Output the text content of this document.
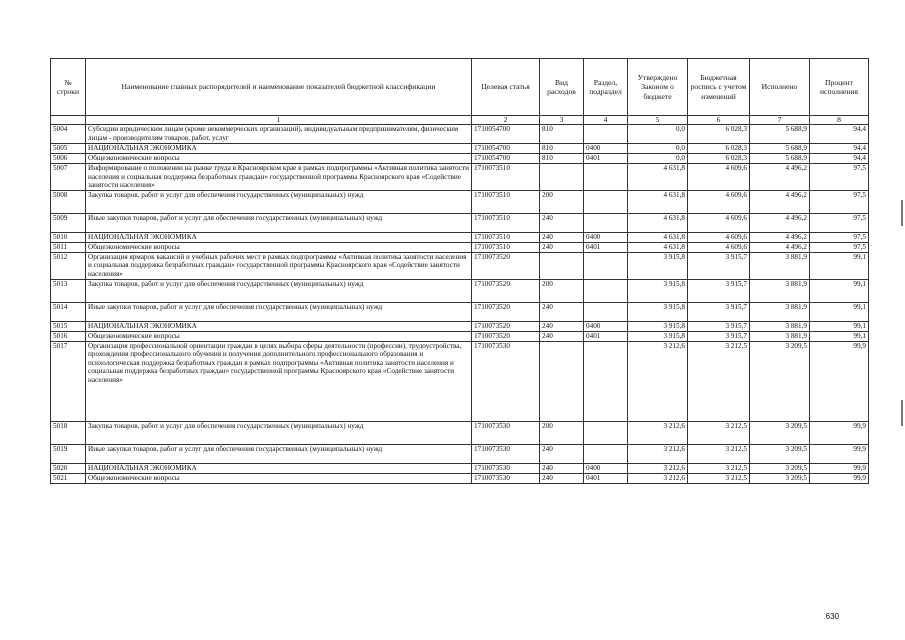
№ строки	Наименование главных распорядителей и наименование показателей бюджетной классификации	Целевая статья	Вид расходов	Раздел, подраздел	Утверждено Законом о бюджете	Бюджетная роспись с учетом изменений	Исполнено	Процент исполнения
	1	2	3	4	5	6	7	8
5004	Субсидии юридическим лицам (кроме некоммерческих организаций), индивидуальным предпринимателям, физическим лицам - производителям товаров, работ, услуг	1710054700	810		0,0	6 028,3	5 688,9	94,4
5005	НАЦИОНАЛЬНАЯ ЭКОНОМИКА	1710054700	810	0400	0,0	6 028,3	5 688,9	94,4
5006	Общеэкономические вопросы	1710054700	810	0401	0,0	6 028,3	5 688,9	94,4
5007	Информирование о положении на рынке труда в Красноярском крае в рамках подпрограммы «Активная политика занятости населения и социальная поддержка безработных граждан» государственной программы Красноярского края «Содействие занятости населения»	1710073510			4 631,8	4 609,6	4 496,2	97,5
5008	Закупка товаров, работ и услуг для обеспечения государственных (муниципальных) нужд	1710073510	200		4 631,8	4 609,6	4 496,2	97,5
5009	Иные закупки товаров, работ и услуг для обеспечения государственных (муниципальных) нужд	1710073510	240		4 631,8	4 609,6	4 496,2	97,5
5010	НАЦИОНАЛЬНАЯ ЭКОНОМИКА	1710073510	240	0400	4 631,8	4 609,6	4 496,2	97,5
5011	Общеэкономические вопросы	1710073510	240	0401	4 631,8	4 609,6	4 496,2	97,5
5012	Организация ярмарок вакансий и учебных рабочих мест в рамках подпрограммы «Активная политика занятости населения и социальная поддержка безработных граждан» государственной программы Красноярского края «Содействие занятости населения»	1710073520			3 915,8	3 915,7	3 881,9	99,1
5013	Закупка товаров, работ и услуг для обеспечения государственных (муниципальных) нужд	1710073520	200		3 915,8	3 915,7	3 881,9	99,1
5014	Иные закупки товаров, работ и услуг для обеспечения государственных (муниципальных) нужд	1710073520	240		3 915,8	3 915,7	3 881,9	99,1
5015	НАЦИОНАЛЬНАЯ ЭКОНОМИКА	1710073520	240	0400	3 915,8	3 915,7	3 881,9	99,1
5016	Общеэкономические вопросы	1710073520	240	0401	3 915,8	3 915,7	3 881,9	99,1
5017	Организация профессиональной ориентации граждан в целях выбора сферы деятельности (профессии), трудоустройства, прохождения профессионального обучения и получения дополнительного профессионального образования и психологическая поддержка безработных граждан в рамках подпрограммы «Активная политика занятости населения и социальная поддержка безработных граждан» государственной программы Красноярского края «Содействие занятости населения»	1710073530			3 212,6	3 212,5	3 209,5	99,9
5018	Закупка товаров, работ и услуг для обеспечения государственных (муниципальных) нужд	1710073530	200		3 212,6	3 212,5	3 209,5	99,9
5019	Иные закупки товаров, работ и услуг для обеспечения государственных (муниципальных) нужд	1710073530	240		3 212,6	3 212,5	3 209,5	99,9
5020	НАЦИОНАЛЬНАЯ ЭКОНОМИКА	1710073530	240	0400	3 212,6	3 212,5	3 209,5	99,9
5021	Общеэкономические вопросы	1710073530	240	0401	3 212,6	3 212,5	3 209,5	99,9
630
